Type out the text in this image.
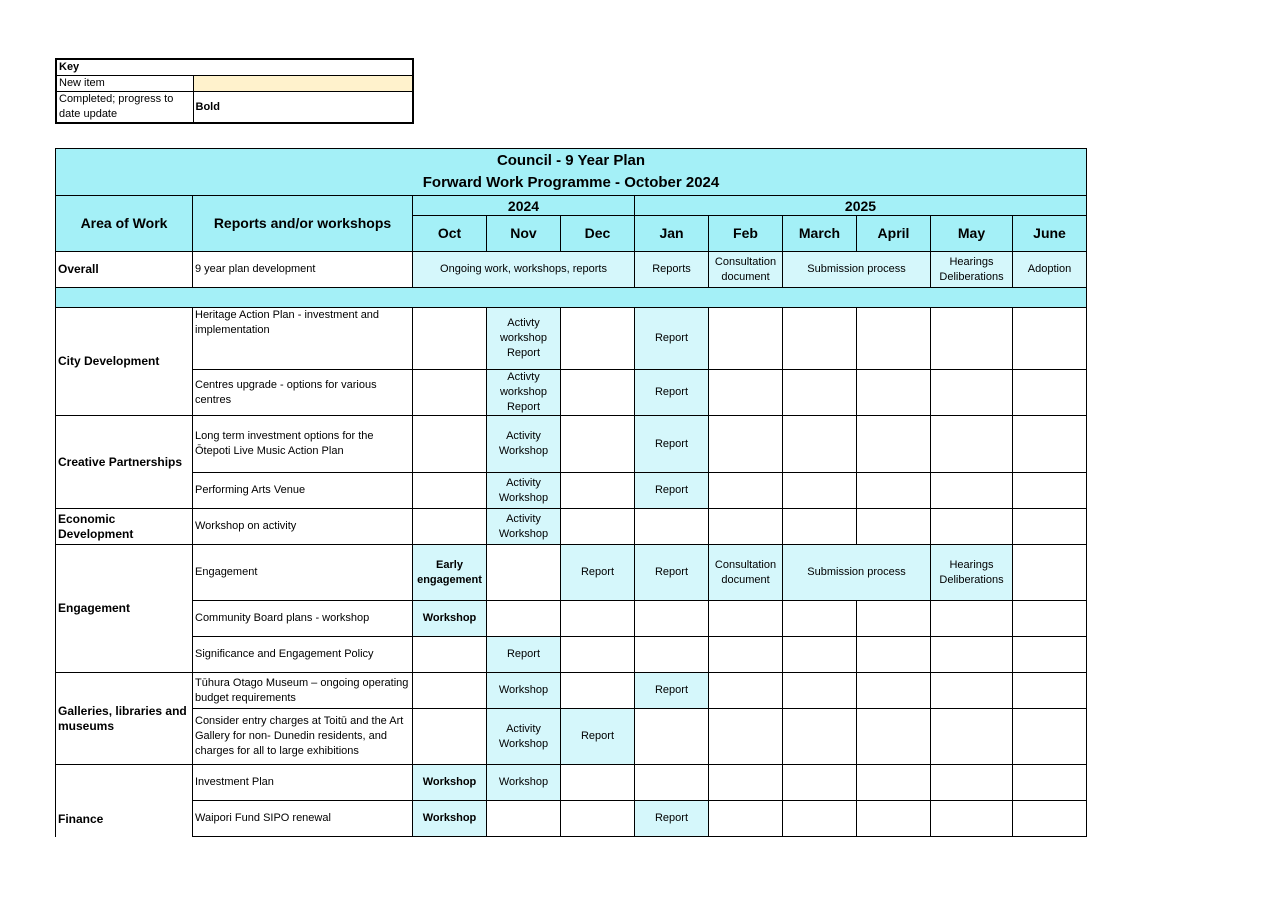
Key	
New item	
Completed; progress to date update	Bold
Council - 9 Year Plan
Forward Work Programme - October 2024										

Area of Work	Reports and/or workshops	2024			2025					
		Oct	Nov	Dec	Jan	Feb	March	April	May	June
Overall	9 year plan development	Ongoing work, workshops, reports			Reports	Consultation document	Submission process		Hearings Deliberations	Adoption

City Development	Heritage Action Plan - investment and implementation		Activty workshop Report		Report					
	Centres upgrade - options for various centres		Activty workshop Report		Report					
Creative Partnerships	Long term investment options for the Ōtepoti Live Music Action Plan		Activity Workshop		Report					
	Performing Arts Venue		Activity Workshop		Report					
Economic Development	Workshop on activity		Activity Workshop							
Engagement	Engagement	Early engagement		Report	Report	Consultation document	Submission process		Hearings Deliberations	
	Community Board plans - workshop	Workshop								
	Significance and Engagement Policy		Report							
Galleries, libraries and museums	Tūhura Otago Museum – ongoing operating budget requirements		Workshop		Report					
	Consider entry charges at Toitū and the Art Gallery for non- Dunedin residents, and charges for all to large exhibitions		Activity Workshop	Report						
Finance	Investment Plan	Workshop	Workshop							
	Waipori Fund SIPO renewal	Workshop			Report					
